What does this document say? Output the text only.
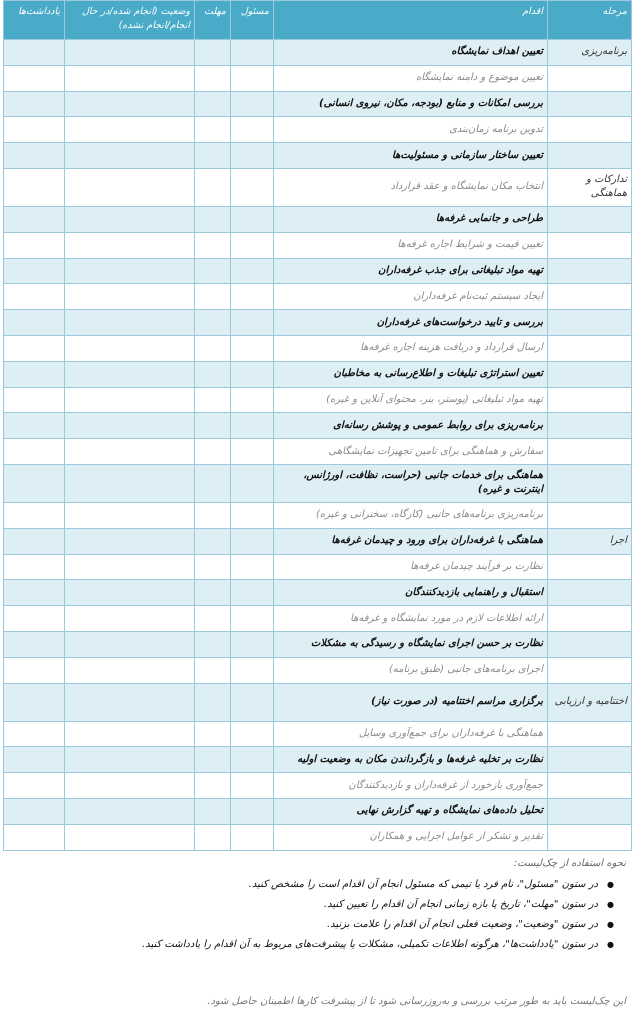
مرحله	اقدام	مسئول	مهلت	وضعیت (انجام شده/در حال انجام/انجام نشده)	یادداشت‌ها
برنامه‌ریزی	تعیین اهداف نمایشگاه				

	تعیین موضوع و دامنه نمایشگاه				

	بررسی امکانات و منابع (بودجه، مکان، نیروی انسانی)				

	تدوین برنامه زمان‌بندی				

	تعیین ساختار سازمانی و مسئولیت‌ها				

تدارکات و هماهنگی	انتخاب مکان نمایشگاه و عقد قرارداد				

	طراحی و جانمایی غرفه‌ها				

	تعیین قیمت و شرایط اجاره غرفه‌ها				

	تهیه مواد تبلیغاتی برای جذب غرفه‌داران				

	ایجاد سیستم ثبت‌نام غرفه‌داران				

	بررسی و تایید درخواست‌های غرفه‌داران				

	ارسال قرارداد و دریافت هزینه اجاره غرفه‌ها				

	تعیین استراتژی تبلیغات و اطلاع‌رسانی به مخاطبان				

	تهیه مواد تبلیغاتی (پوستر، بنر، محتوای آنلاین و غیره)				

	برنامه‌ریزی برای روابط عمومی و پوشش رسانه‌ای				

	سفارش و هماهنگی برای تامین تجهیزات نمایشگاهی				

	هماهنگی برای خدمات جانبی (حراست، نظافت، اورژانس، اینترنت و غیره)				

	برنامه‌ریزی برنامه‌های جانبی (کارگاه، سخنرانی و غیره)				

اجرا	هماهنگی با غرفه‌داران برای ورود و چیدمان غرفه‌ها				

	نظارت بر فرآیند چیدمان غرفه‌ها				

	استقبال و راهنمایی بازدیدکنندگان				

	ارائه اطلاعات لازم در مورد نمایشگاه و غرفه‌ها				

	نظارت بر حسن اجرای نمایشگاه و رسیدگی به مشکلات				

	اجرای برنامه‌های جانبی (طبق برنامه)				

اختتامیه و ارزیابی	برگزاری مراسم اختتامیه (در صورت نیاز)				

	هماهنگی با غرفه‌داران برای جمع‌آوری وسایل				

	نظارت بر تخلیه غرفه‌ها و بازگرداندن مکان به وضعیت اولیه				

	جمع‌آوری بازخورد از غرفه‌داران و بازدیدکنندگان				

	تحلیل داده‌های نمایشگاه و تهیه گزارش نهایی				

	تقدیر و تشکر از عوامل اجرایی و همکاران				

نحوه استفاده از چک‌لیست:

● در ستون "مسئول"، نام فرد یا تیمی که مسئول انجام آن اقدام است را مشخص کنید.
● در ستون "مهلت"، تاریخ یا بازه زمانی انجام آن اقدام را تعیین کنید.
● در ستون "وضعیت"، وضعیت فعلی انجام آن اقدام را علامت بزنید.
● در ستون "یادداشت‌ها"، هرگونه اطلاعات تکمیلی، مشکلات یا پیشرفت‌های مربوط به آن اقدام را یادداشت کنید.
این چک‌لیست باید به طور مرتب بررسی و به‌روزرسانی شود تا از پیشرفت کارها اطمینان حاصل شود.
